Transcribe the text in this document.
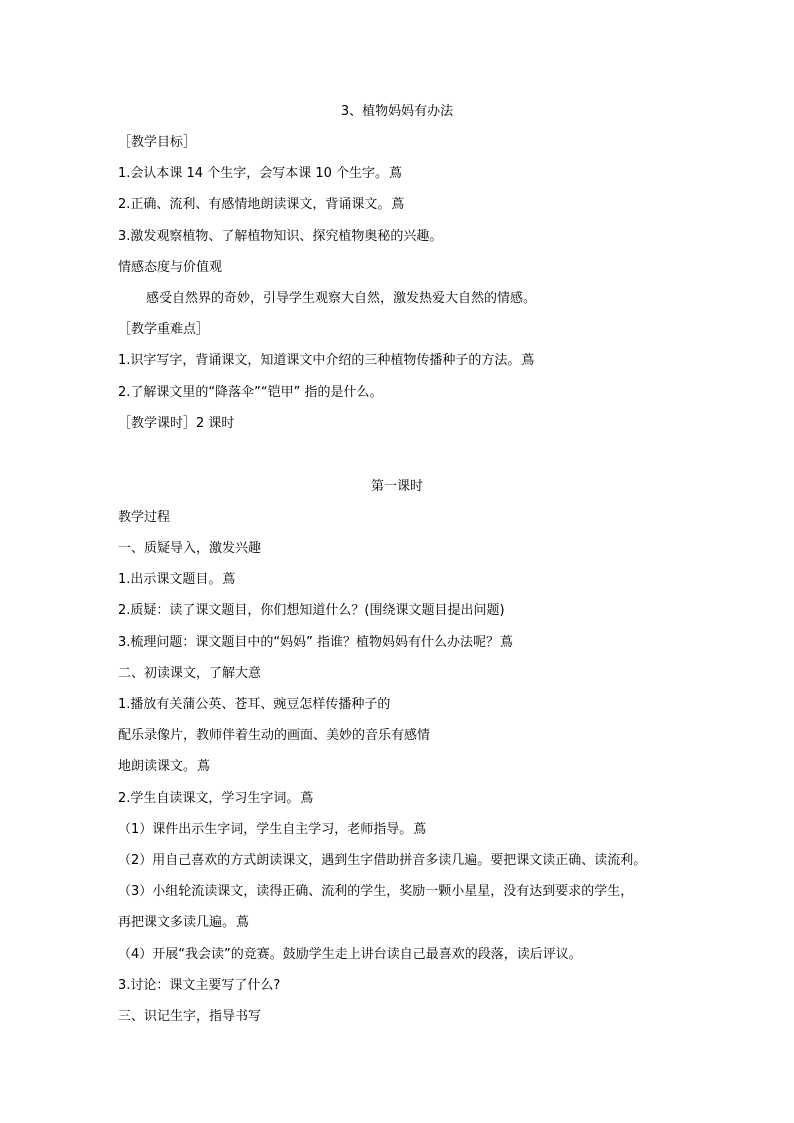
3、植物妈妈有办法
［教学目标］
1.会认本课 14 个生字，会写本课 10 个生字。蔦
2.正确、流利、有感情地朗读课文，背诵课文。蔦
3.激发观察植物、了解植物知识、探究植物奥秘的兴趣。
情感态度与价值观
感受自然界的奇妙，引导学生观察大自然，激发热爱大自然的情感。
［教学重难点］
1.识字写字，背诵课文，知道课文中介绍的三种植物传播种子的方法。蔦
2.了解课文里的“降落伞”“铠甲” 指的是什么。
［教学课时］2 课时
第一课时
教学过程
一、质疑导入，激发兴趣
1.出示课文题目。蔦
2.质疑：读了课文题目，你们想知道什么？(围绕课文题目提出问题)
3.梳理问题：课文题目中的“妈妈” 指谁？植物妈妈有什么办法呢？蔦
二、初读课文，了解大意
1.播放有关蒲公英、苍耳、豌豆怎样传播种子的
配乐录像片，教师伴着生动的画面、美妙的音乐有感情
地朗读课文。蔦
2.学生自读课文，学习生字词。蔦
（1）课件出示生字词，学生自主学习，老师指导。蔦
（2）用自己喜欢的方式朗读课文，遇到生字借助拼音多读几遍。要把课文读正确、读流利。
（3）小组轮流读课文，读得正确、流利的学生，奖励一颗小星星，没有达到要求的学生，
再把课文多读几遍。蔦
（4）开展“我会读”的竞赛。鼓励学生走上讲台读自己最喜欢的段落，读后评议。
3.讨论：课文主要写了什么?
三、识记生字，指导书写
